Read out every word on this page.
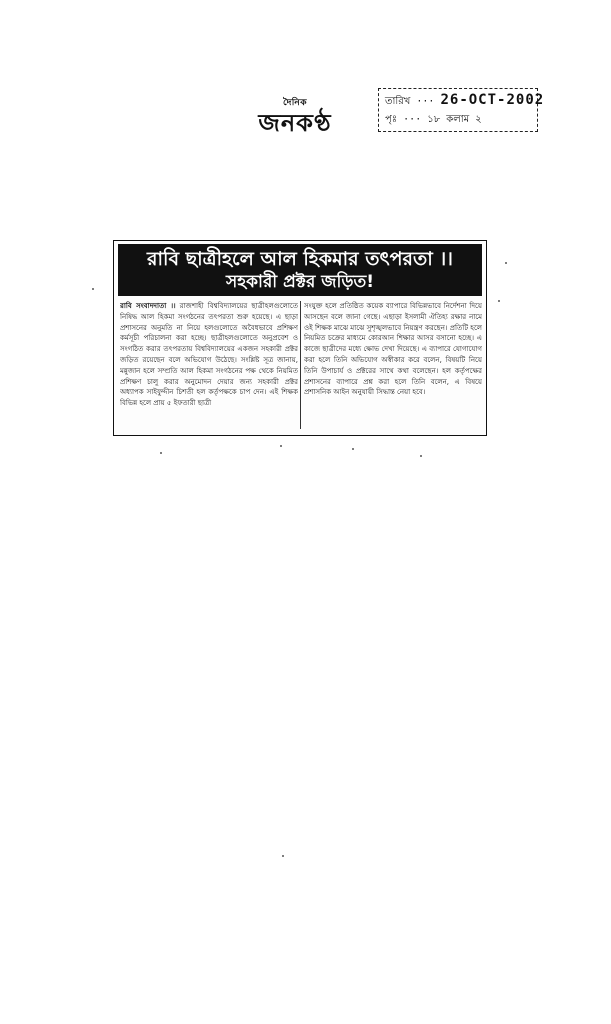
দৈনিক
জনকণ্ঠ
তারিখ ··· 26-OCT-2002
পৃঃ ··· ১৮ কলাম ২
রাবি ছাত্রীহলে আল হিকমার তৎপরতা ।।
সহকারী প্রক্টর জড়িত!
রাবি সংবাদদাতা ।। রাজশাহী বিশ্ববিদ্যালয়ের ছাত্রীহলগুলোতে নিষিদ্ধ আল হিকমা সংগঠনের তৎপরতা শুরু হয়েছে। এ ছাড়া প্রশাসনের অনুমতি না নিয়ে হলগুলোতে অবৈধভাবে প্রশিক্ষণ কর্মসূচী পরিচালনা করা হচ্ছে। ছাত্রীহলগুলোতে অনুপ্রবেশ ও সংগঠিত করার তৎপরতায় বিশ্ববিদ্যালয়ের একজন সহকারী প্রক্টর জড়িত রয়েছেন বলে অভিযোগ উঠেছে। সংশ্লিষ্ট সূত্র জানায়, মন্নুজান হলে সম্প্রতি আল হিকমা সংগঠনের পক্ষ থেকে নিয়মিত প্রশিক্ষণ চালু করার অনুমোদন দেয়ার জন্য সহকারী প্রক্টর অধ্যাপক সাইফুদ্দীন চিশতী হল কর্তৃপক্ষকে চাপ দেন। এই শিক্ষক বিভিন্ন হলে প্রায় ৫ ইফতারী ছাত্রী
সংযুক্ত হলে প্রতিষ্ঠিত কয়েক ব্যাপারে বিভিন্নভাবে নির্দেশনা দিয়ে আসছেন বলে জানা গেছে। এছাড়া ইসলামী ঐতিহ্য রক্ষার নামে ওই শিক্ষক মাঝে মাঝে সুশৃঙ্খলভাবে নিয়ন্ত্রণ করছেন। প্রতিটি হলে নিয়মিত চক্রের মাধ্যমে কোরআন শিক্ষার আসর বসানো হচ্ছে। এ কাজে ছাত্রীদের মধ্যে ক্ষোভ দেখা দিয়েছে। এ ব্যাপারে যোগাযোগ করা হলে তিনি অভিযোগ অস্বীকার করে বলেন, বিষয়টি নিয়ে তিনি উপাচার্য ও প্রক্টরের সাথে কথা বলেছেন। হল কর্তৃপক্ষের প্রশাসনের ব্যাপারে প্রশ্ন করা হলে তিনি বলেন, এ বিষয়ে প্রশাসনিক আইন অনুযায়ী সিদ্ধান্ত নেয়া হবে।
